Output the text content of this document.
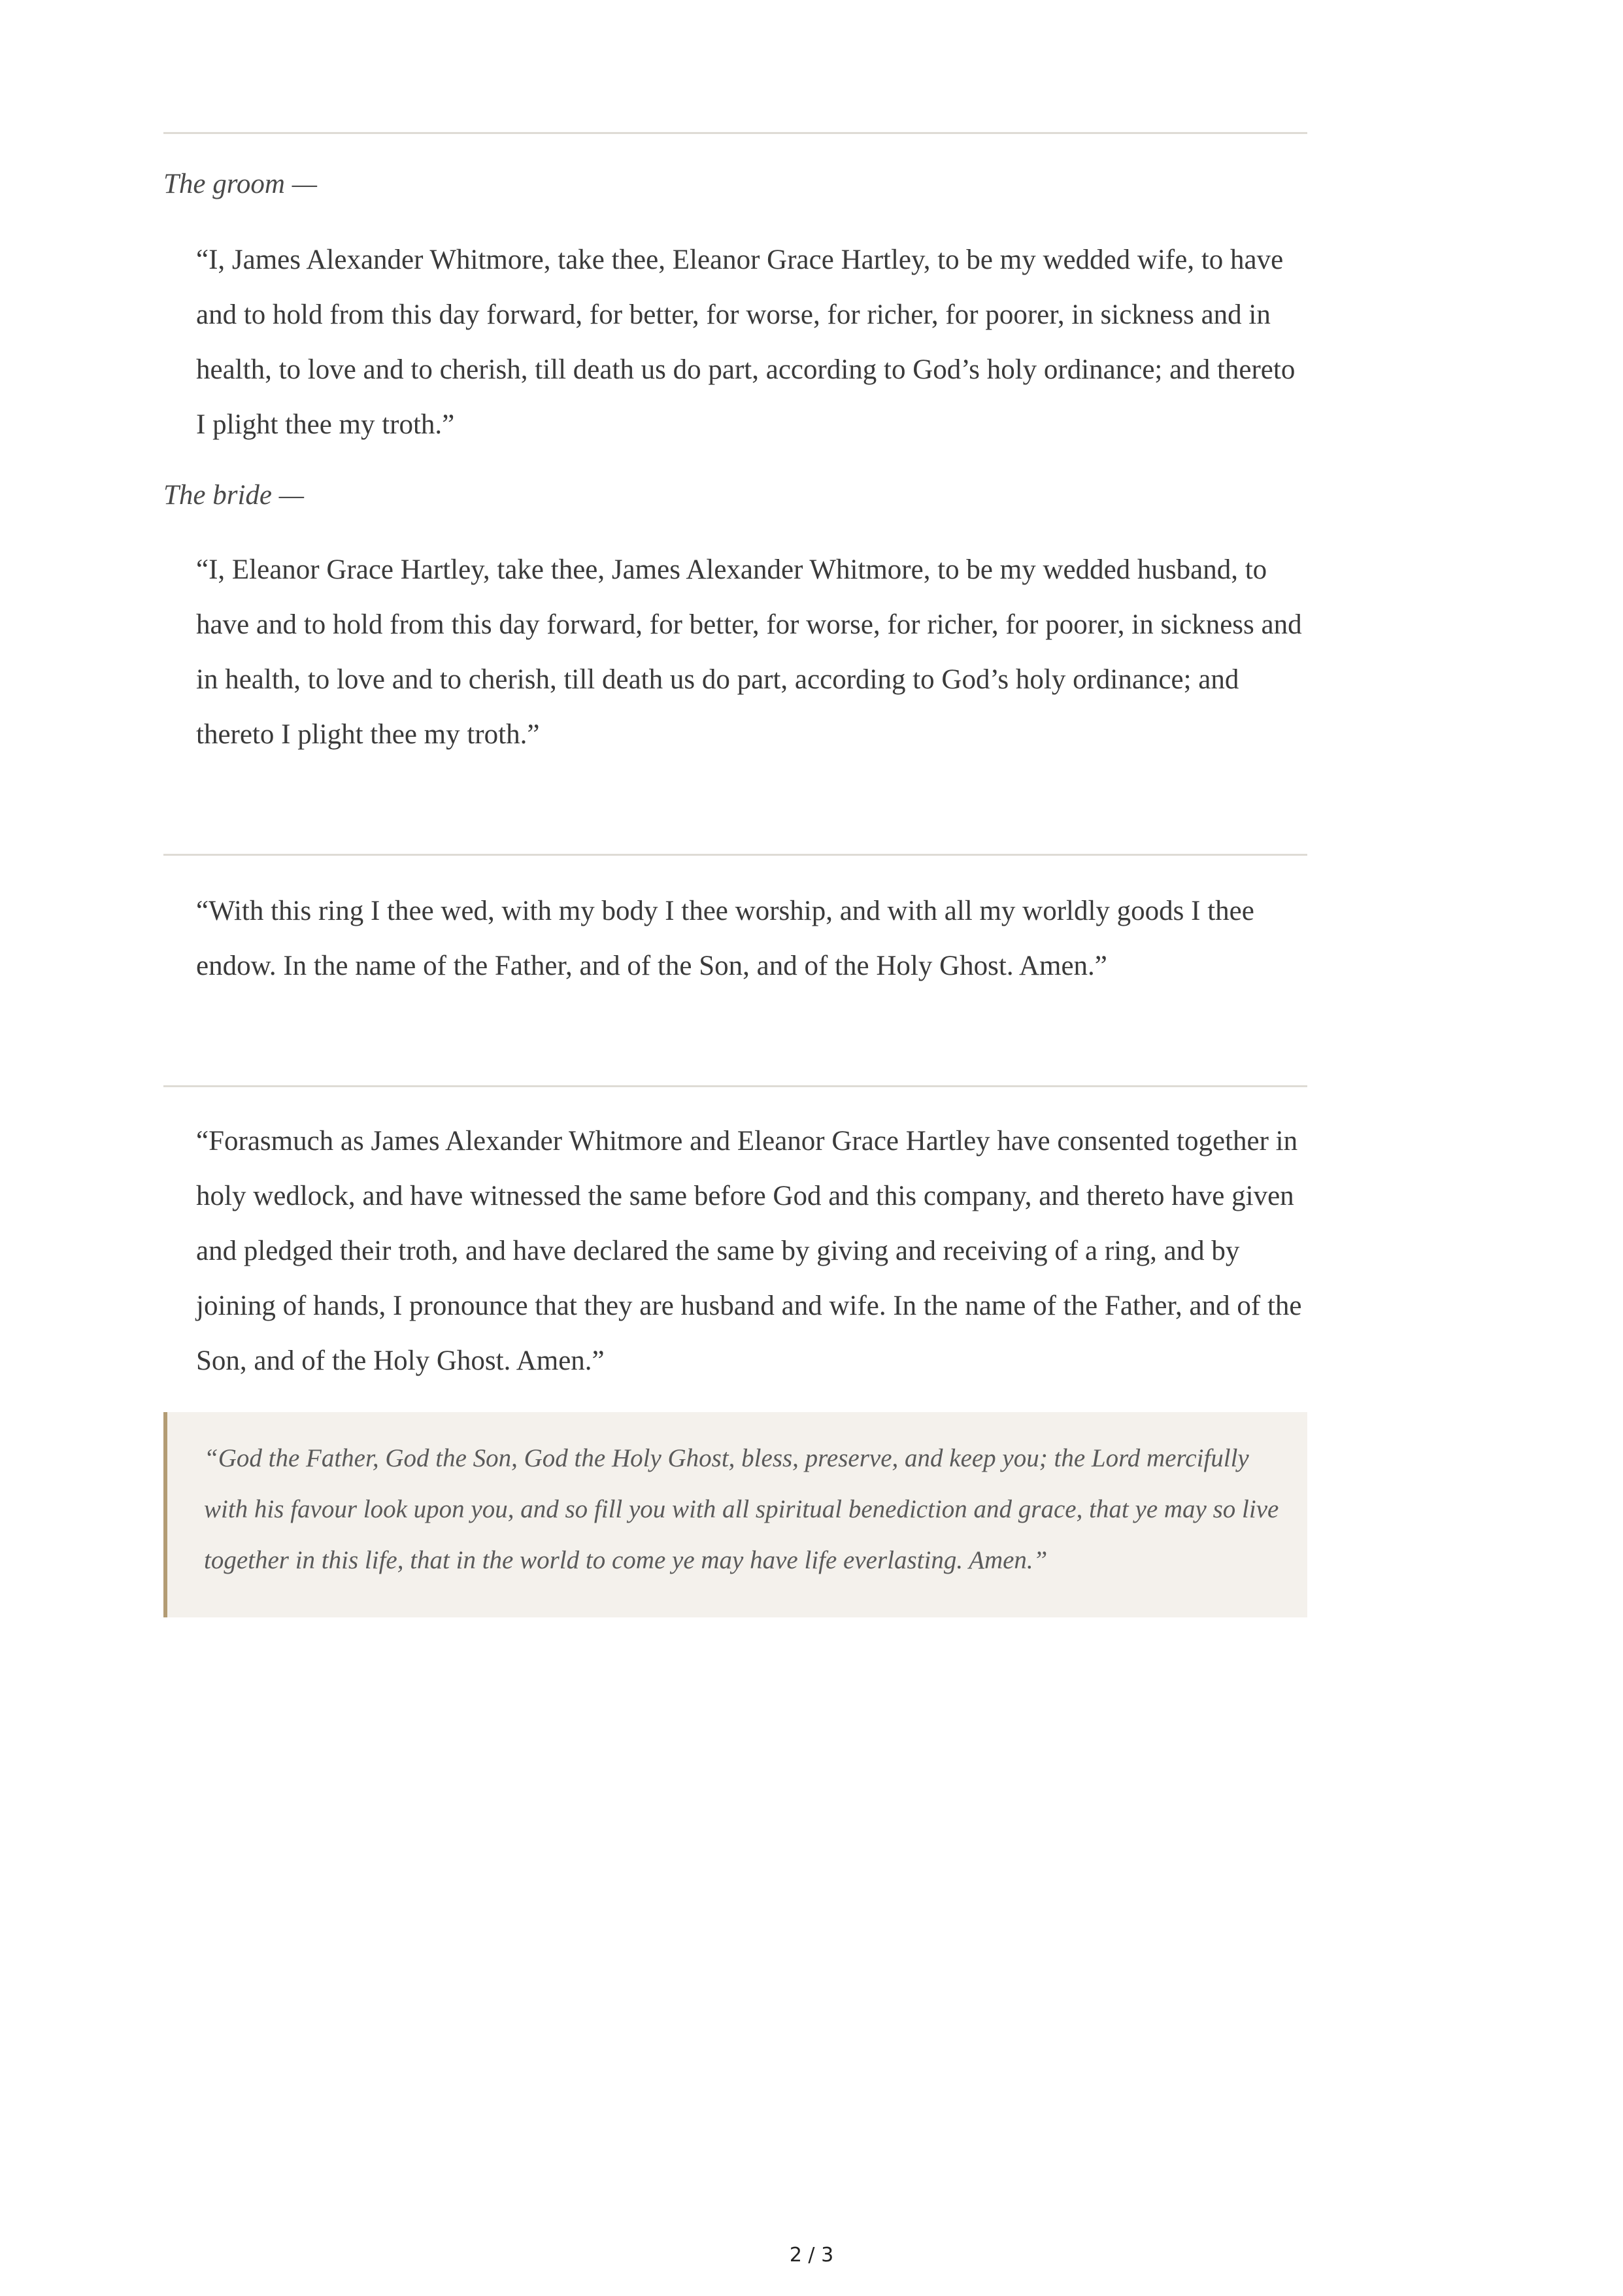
The groom —

“I, James Alexander Whitmore, take thee, Eleanor Grace Hartley, to be my wedded wife, to have and to hold from this day forward, for better, for worse, for richer, for poorer, in sickness and in health, to love and to cherish, till death us do part, according to God’s holy ordinance; and thereto I plight thee my troth.”

The bride —

“I, Eleanor Grace Hartley, take thee, James Alexander Whitmore, to be my wedded husband, to have and to hold from this day forward, for better, for worse, for richer, for poorer, in sickness and in health, to love and to cherish, till death us do part, according to God’s holy ordinance; and thereto I plight thee my troth.”

“With this ring I thee wed, with my body I thee worship, and with all my worldly goods I thee endow. In the name of the Father, and of the Son, and of the Holy Ghost. Amen.”

“Forasmuch as James Alexander Whitmore and Eleanor Grace Hartley have consented together in holy wedlock, and have witnessed the same before God and this company, and thereto have given and pledged their troth, and have declared the same by giving and receiving of a ring, and by joining of hands, I pronounce that they are husband and wife. In the name of the Father, and of the Son, and of the Holy Ghost. Amen.”

“God the Father, God the Son, God the Holy Ghost, bless, preserve, and keep you; the Lord mercifully with his favour look upon you, and so fill you with all spiritual benediction and grace, that ye may so live together in this life, that in the world to come ye may have life everlasting. Amen.”

2 / 3
